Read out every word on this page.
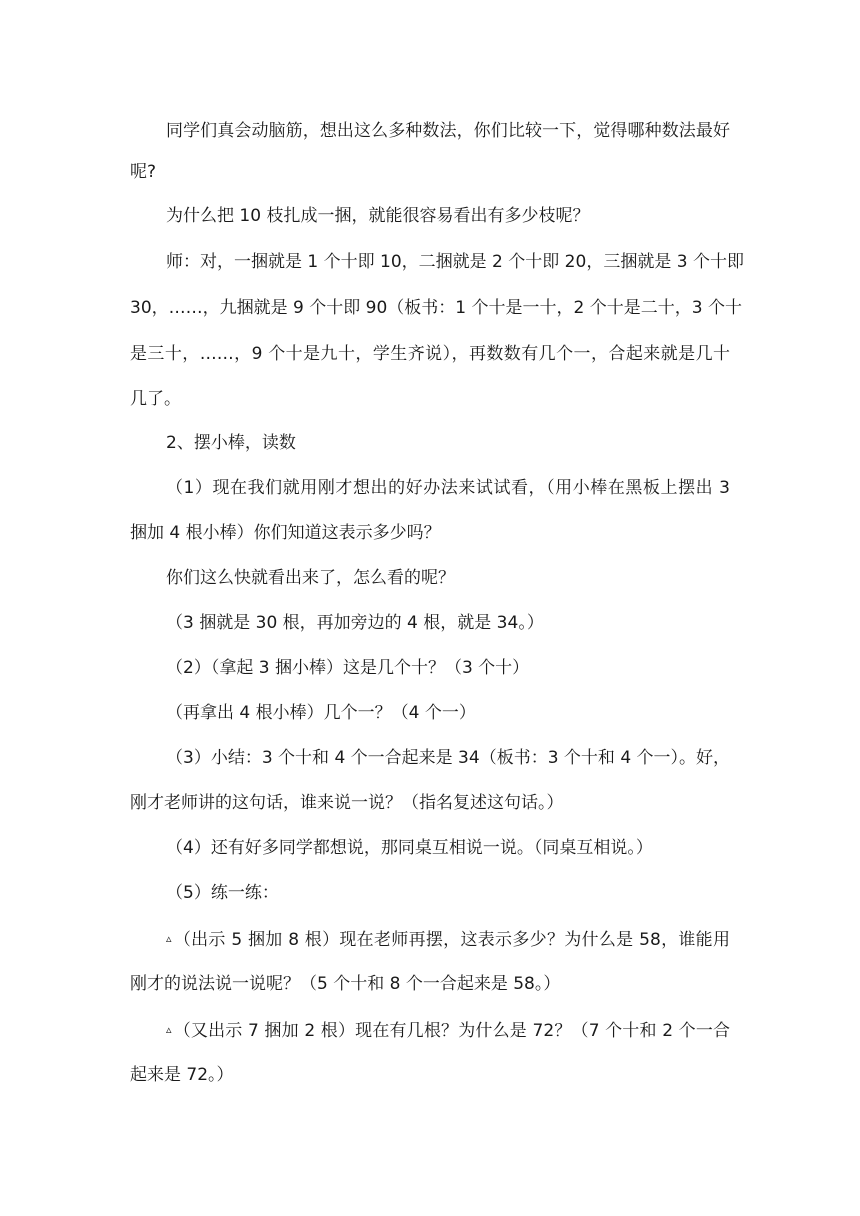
同学们真会动脑筋，想出这么多种数法，你们比较一下，觉得哪种数法最好
呢?
为什么把 10 枝扎成一捆，就能很容易看出有多少枝呢？
师：对，一捆就是 1 个十即 10，二捆就是 2 个十即 20，三捆就是 3 个十即
30，……，九捆就是 9 个十即 90（板书：1 个十是一十，2 个十是二十，3 个十
是三十，……，9 个十是九十，学生齐说），再数数有几个一，合起来就是几十
几了。
2、摆小棒，读数
（1）现在我们就用刚才想出的好办法来试试看，（用小棒在黑板上摆出 3
捆加 4 根小棒）你们知道这表示多少吗？
你们这么快就看出来了，怎么看的呢？
（3 捆就是 30 根，再加旁边的 4 根，就是 34。）
（2）（拿起 3 捆小棒）这是几个十？（3 个十）
（再拿出 4 根小棒）几个一？（4 个一）
（3）小结：3 个十和 4 个一合起来是 34（板书：3 个十和 4 个一）。好，
刚才老师讲的这句话，谁来说一说？（指名复述这句话。）
（4）还有好多同学都想说，那同桌互相说一说。（同桌互相说。）
（5）练一练：
▵ （出示 5 捆加 8 根）现在老师再摆，这表示多少？为什么是 58，谁能用
刚才的说法说一说呢？（5 个十和 8 个一合起来是 58。）
▵ （又出示 7 捆加 2 根）现在有几根？为什么是 72？（7 个十和 2 个一合
起来是 72。）
